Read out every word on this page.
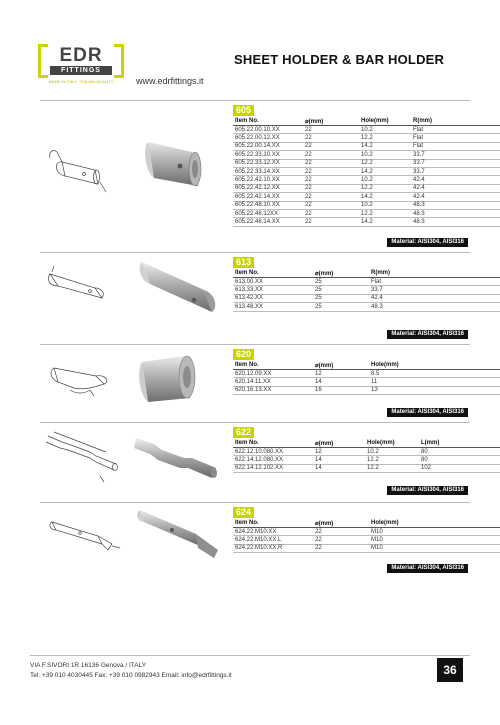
EDR
FITTINGS
MADE IN ITALY · ITALIAN QUALITY	www.edrfittings.it
SHEET HOLDER & BAR HOLDER
605
Item No.	⌀(mm)	Hole(mm)	R(mm)
605.22.00.10.XX	22	10.2	Flat
605.22.00.12.XX	22	12.2	Flat
605.22.00.14.XX	22	14.2	Flat
605.22.33.10.XX	22	10.2	33.7
605.22.33.12.XX	22	12.2	33.7
605.22.33.14.XX	22	14.2	33.7
605.22.42.10.XX	22	10.2	42.4
605.22.42.12.XX	22	12.2	42.4
605.22.42.14.XX	22	14.2	42.4
605.22.48.10.XX	22	10.2	48.3
605.22.48.12XX	22	12.2	48.3
605.22.48.14.XX	22	14.2	48.3
Material: AISI304, AISI316
613
Item No.	⌀(mm)	R(mm)
613.00.XX	25	Flat
613.33.XX	25	33.7
613.42.XX	25	42.4
613.48.XX	25	48.3
Material: AISI304, AISI316
620
Item No.	⌀(mm)	Hole(mm)
620.12.09.XX	12	8.5
620.14.11.XX	14	11
620.16.13.XX	16	13
Material: AISI304, AISI316
622
Item No.	⌀(mm)	Hole(mm)	L(mm)
622.12.10.080.XX	12	10.2	80
622.14.12.080.XX	14	12.2	80
622.14.12.102.XX	14	12.2	102
Material: AISI304, AISI316
624
Item No.	⌀(mm)	Hole(mm)
624.22.M10.XX	22	M10
624.22.M10.XX.L	22	M10
624.22.M10.XX.R	22	M10
Material: AISI304, AISI316
VIA F.SIVORI 1R 16136 Genova / ITALY
Tel: +39 010 4030445 Fax: +39 010 0982943 Email: info@edrfittings.it	36
